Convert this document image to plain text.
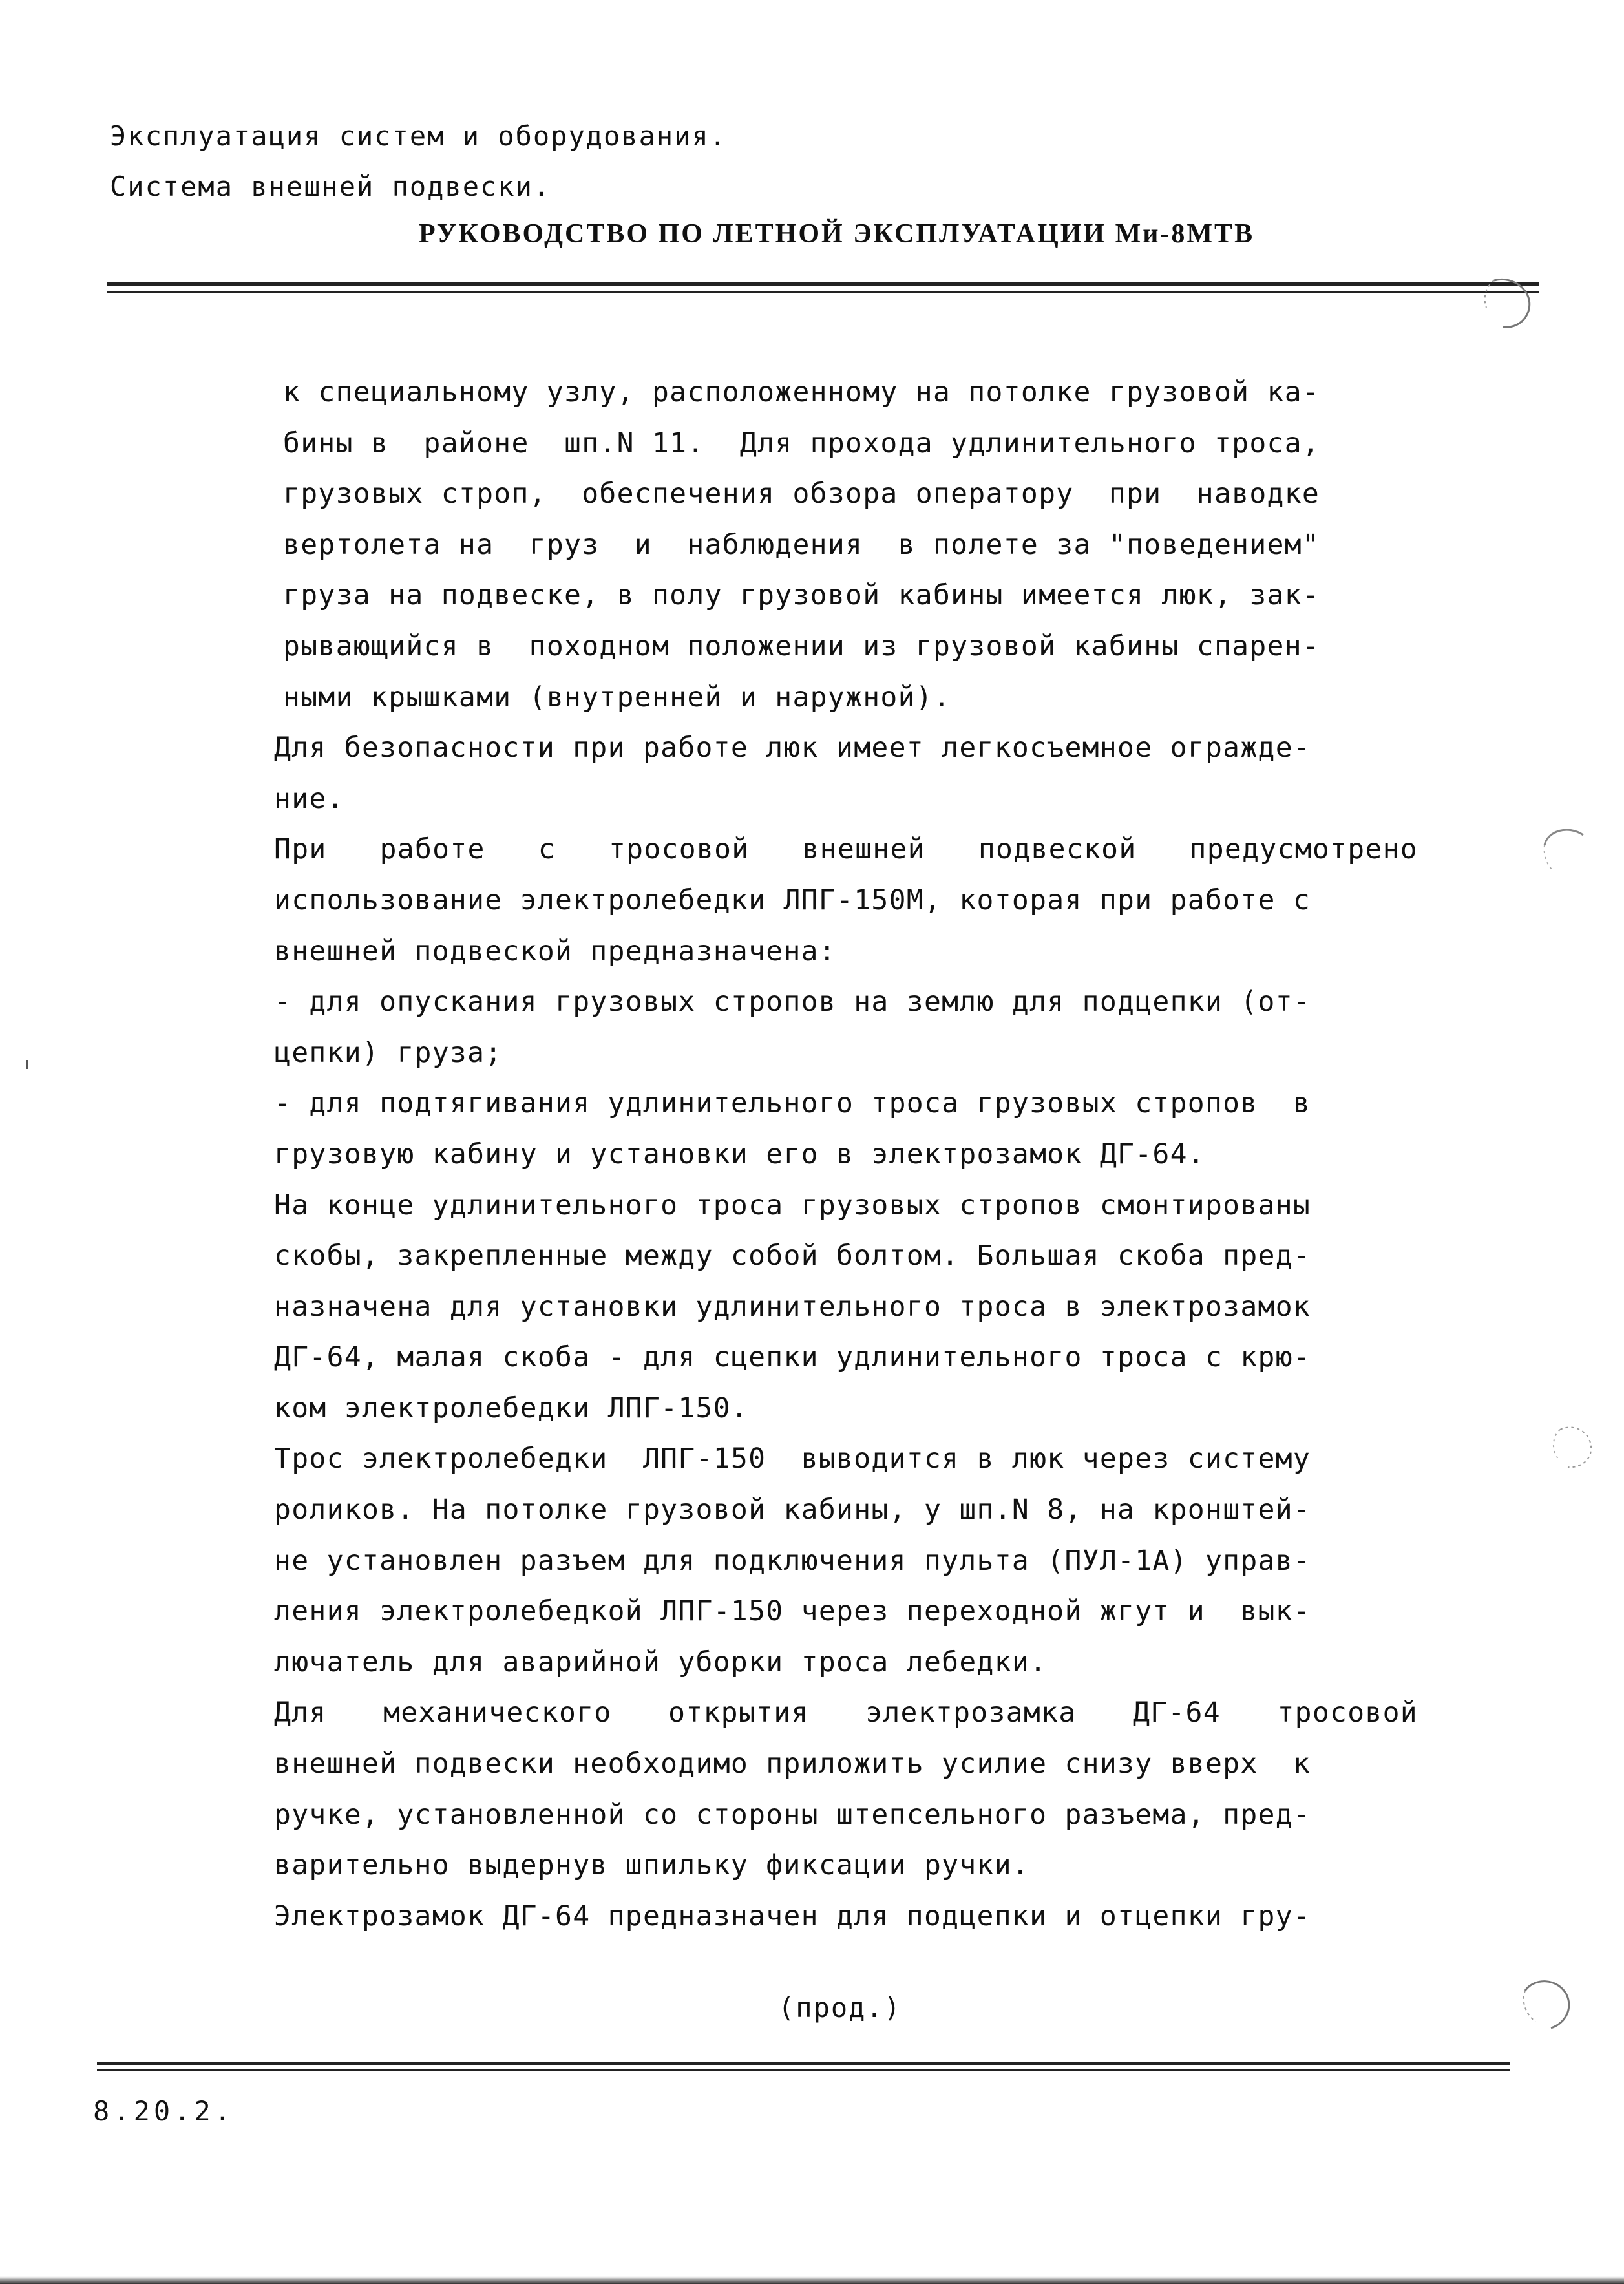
Эксплуатация систем и оборудования.
Система внешней подвески.
РУКОВОДСТВО ПО ЛЕТНОЙ ЭКСПЛУАТАЦИИ Ми-8МТВ
к специальному узлу, расположенному на потолке грузовой ка-
бины в  районе  шп.N 11.  Для прохода удлинительного троса,
грузовых строп,  обеспечения обзора оператору  при  наводке
вертолета на  груз  и  наблюдения  в полете за "поведением"
груза на подвеске, в полу грузовой кабины имеется люк, зак-
рывающийся в  походном положении из грузовой кабины спарен-
ными крышками (внутренней и наружной).
Для безопасности при работе люк имеет легкосъемное огражде-
ние.
При работе с тросовой внешней подвеской предусмотрено
использование электролебедки ЛПГ-150М, которая при работе с
внешней подвеской предназначена:
- для опускания грузовых стропов на землю для подцепки (от-
цепки) груза;
- для подтягивания удлинительного троса грузовых стропов  в
грузовую кабину и установки его в электрозамок ДГ-64.
На конце удлинительного троса грузовых стропов смонтированы
скобы, закрепленные между собой болтом. Большая скоба пред-
назначена для установки удлинительного троса в электрозамок
ДГ-64, малая скоба - для сцепки удлинительного троса с крю-
ком электролебедки ЛПГ-150.
Трос электролебедки  ЛПГ-150  выводится в люк через систему
роликов. На потолке грузовой кабины, у шп.N 8, на кронштей-
не установлен разъем для подключения пульта (ПУЛ-1А) управ-
ления электролебедкой ЛПГ-150 через переходной жгут и  вык-
лючатель для аварийной уборки троса лебедки.
Для механического открытия электрозамка ДГ-64 тросовой
внешней подвески необходимо приложить усилие снизу вверх  к
ручке, установленной со стороны штепсельного разъема, пред-
варительно выдернув шпильку фиксации ручки.
Электрозамок ДГ-64 предназначен для подцепки и отцепки гру-
(прод.)
8.20.2.
